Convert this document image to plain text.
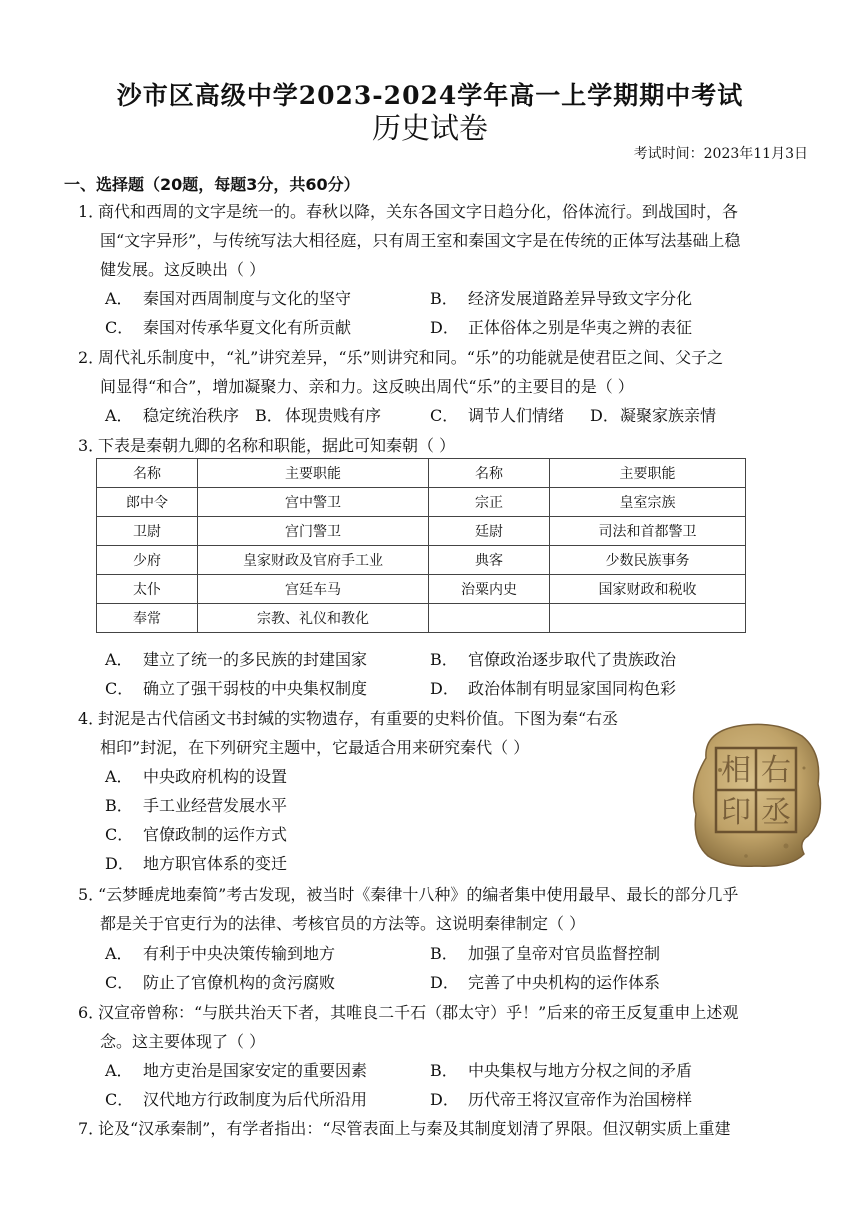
沙市区高级中学2023-2024学年高一上学期期中考试
历史试卷
考试时间：2023年11月3日
一、选择题（20题，每题3分，共60分）
1．商代和西周的文字是统一的。春秋以降，关东各国文字日趋分化，俗体流行。到战国时，各
国“文字异形”，与传统写法大相径庭，只有周王室和秦国文字是在传统的正体写法基础上稳
健发展。这反映出（ ）
A． 秦国对西周制度与文化的坚守	B． 经济发展道路差异导致文字分化
C． 秦国对传承华夏文化有所贡献	D． 正体俗体之别是华夷之辨的表征
2．周代礼乐制度中，“礼”讲究差异，“乐”则讲究和同。“乐”的功能就是使君臣之间、父子之
间显得“和合”，增加凝聚力、亲和力。这反映出周代“乐”的主要目的是（ ）
A． 稳定统治秩序 B． 体现贵贱有序	C． 调节人们情绪 D．凝聚家族亲情
3．下表是秦朝九卿的名称和职能，据此可知秦朝（ ）
名称	主要职能	名称	主要职能
郎中令	宫中警卫	宗正	皇室宗族
卫尉	宫门警卫	廷尉	司法和首都警卫
少府	皇家财政及官府手工业	典客	少数民族事务
太仆	宫廷车马	治粟内史	国家财政和税收
奉常	宗教、礼仪和教化		
A． 建立了统一的多民族的封建国家	B． 官僚政治逐步取代了贵族政治
C． 确立了强干弱枝的中央集权制度	D． 政治体制有明显家国同构色彩
4．封泥是古代信函文书封缄的实物遗存，有重要的史料价值。下图为秦“右丞
相印”封泥，在下列研究主题中，它最适合用来研究秦代（ ）
A． 中央政府机构的设置
B． 手工业经营发展水平
C． 官僚政制的运作方式
D． 地方职官体系的变迁
右
丞
相
印
5．“云梦睡虎地秦简”考古发现，被当时《秦律十八种》的编者集中使用最早、最长的部分几乎
都是关于官吏行为的法律、考核官员的方法等。这说明秦律制定（ ）
A． 有利于中央决策传输到地方	B． 加强了皇帝对官员监督控制
C． 防止了官僚机构的贪污腐败	D． 完善了中央机构的运作体系
6．汉宣帝曾称：“与朕共治天下者，其唯良二千石（郡太守）乎！”后来的帝王反复重申上述观
念。这主要体现了（ ）
A． 地方吏治是国家安定的重要因素	B． 中央集权与地方分权之间的矛盾
C． 汉代地方行政制度为后代所沿用	D． 历代帝王将汉宣帝作为治国榜样
7．论及“汉承秦制”，有学者指出：“尽管表面上与秦及其制度划清了界限。但汉朝实质上重建
